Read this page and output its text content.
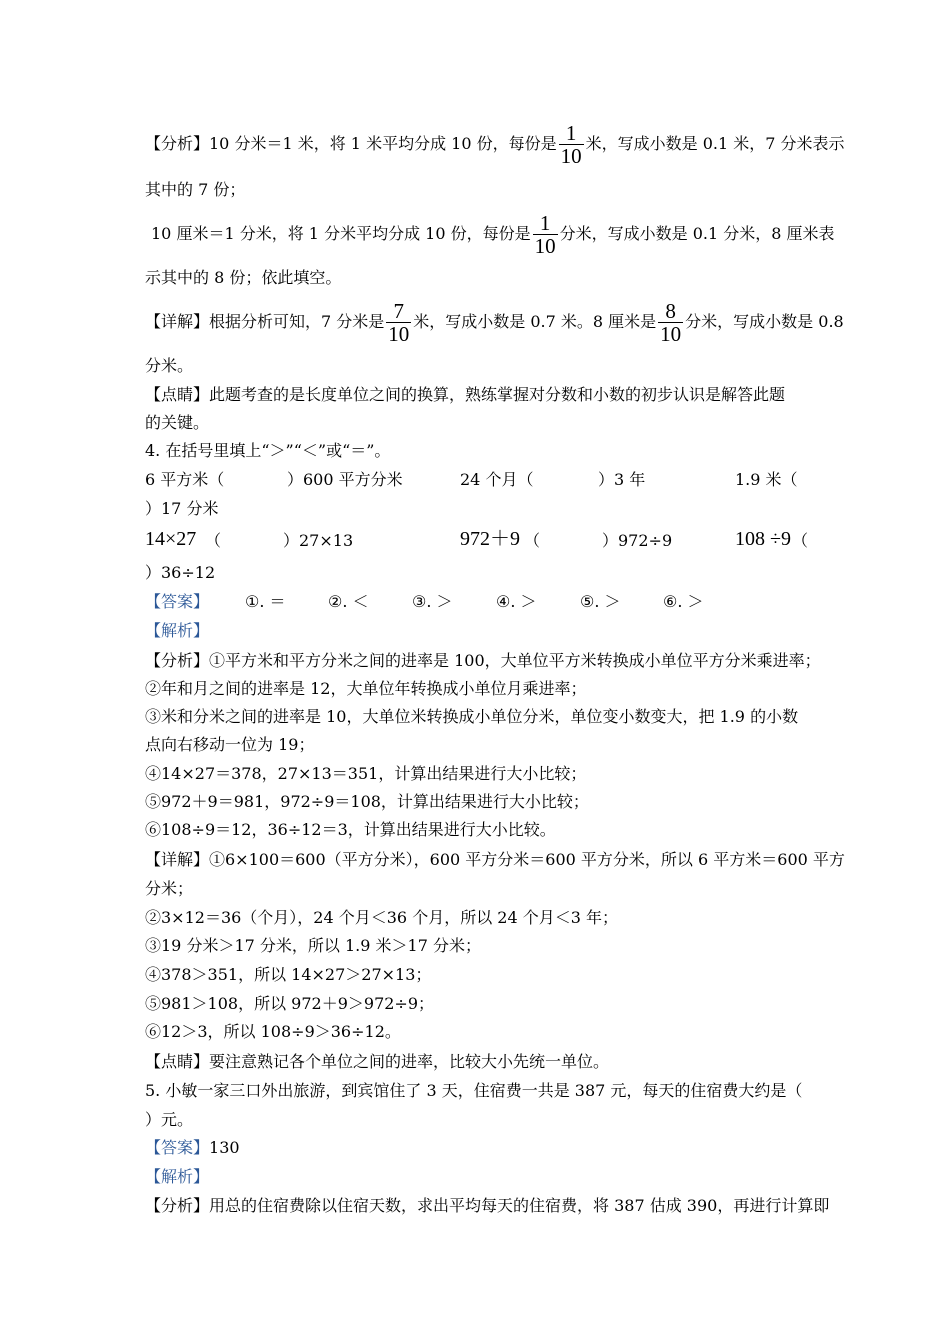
【分析】10 分米＝1 米，将 1 米平均分成 10 份，每份是 $\frac{1}{10}$ 米，写成小数是 0.1 米，7 分米表示
其中的 7 份；
10 厘米＝1 分米，将 1 分米平均分成 10 份，每份是 $\frac{1}{10}$ 分米，写成小数是 0.1 分米，8 厘米表
示其中的 8 份；依此填空。
【详解】根据分析可知，7 分米是 $\frac{7}{10}$ 米，写成小数是 0.7 米。8 厘米是 $\frac{8}{10}$ 分米，写成小数是 0.8
分米。
【点睛】此题考查的是长度单位之间的换算，熟练掌握对分数和小数的初步认识是解答此题
的关键。
4. 在括号里填上“＞”“＜”或“＝”。
6 平方米（	）600 平方分米	24 个月（	）3 年	1.9 米（
）17 分米
14×27 （	）27×13	972＋9 （	）972÷9	108 ÷9 （
）36÷12
【答案】 ①. ＝	②. ＜	③. ＞	④. ＞	⑤. ＞	⑥. ＞
【解析】
【分析】①平方米和平方分米之间的进率是 100，大单位平方米转换成小单位平方分米乘进率；
②年和月之间的进率是 12，大单位年转换成小单位月乘进率；
③米和分米之间的进率是 10，大单位米转换成小单位分米，单位变小数变大，把 1.9 的小数
点向右移动一位为 19；
④14×27＝378，27×13＝351，计算出结果进行大小比较；
⑤972＋9＝981，972÷9＝108，计算出结果进行大小比较；
⑥108÷9＝12，36÷12＝3，计算出结果进行大小比较。
【详解】①6×100＝600（平方分米），600 平方分米＝600 平方分米，所以 6 平方米＝600 平方
分米；
②3×12＝36（个月），24 个月＜36 个月，所以 24 个月＜3 年；
③19 分米＞17 分米，所以 1.9 米＞17 分米；
④378＞351，所以 14×27＞27×13；
⑤981＞108，所以 972＋9＞972÷9；
⑥12＞3，所以 108÷9＞36÷12。
【点睛】要注意熟记各个单位之间的进率，比较大小先统一单位。
5. 小敏一家三口外出旅游，到宾馆住了 3 天，住宿费一共是 387 元，每天的住宿费大约是（
）元。
【答案】130
【解析】
【分析】用总的住宿费除以住宿天数，求出平均每天的住宿费，将 387 估成 390，再进行计算即
